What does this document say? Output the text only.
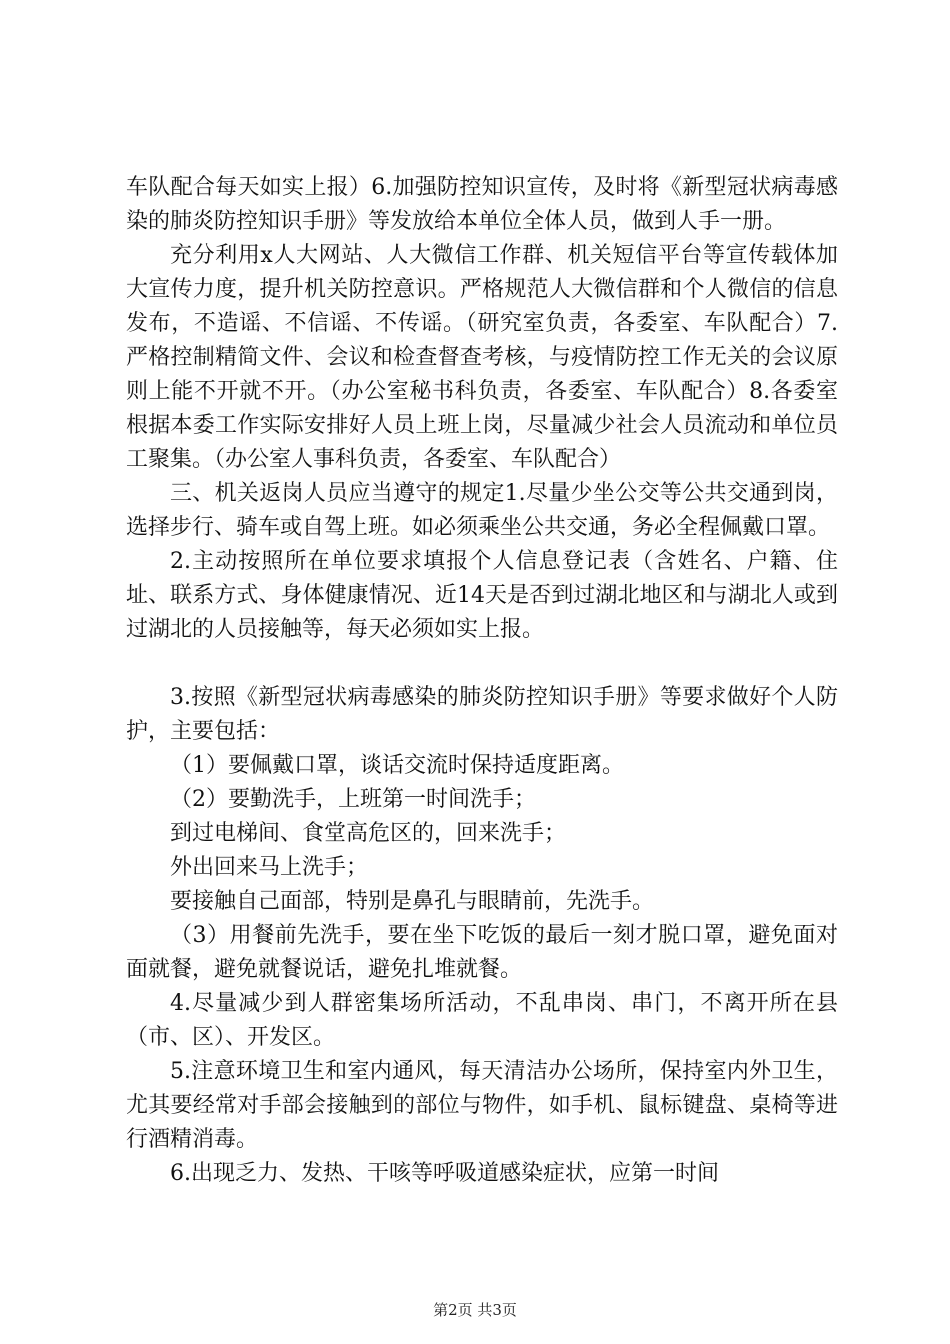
车队配合每天如实上报）6.加强防控知识宣传，及时将《新型冠状病毒感染的肺炎防控知识手册》等发放给本单位全体人员，做到人手一册。

充分利用x人大网站、人大微信工作群、机关短信平台等宣传载体加大宣传力度，提升机关防控意识。严格规范人大微信群和个人微信的信息发布，不造谣、不信谣、不传谣。（研究室负责，各委室、车队配合）7.严格控制精简文件、会议和检查督查考核，与疫情防控工作无关的会议原则上能不开就不开。（办公室秘书科负责，各委室、车队配合）8.各委室根据本委工作实际安排好人员上班上岗，尽量减少社会人员流动和单位员工聚集。（办公室人事科负责，各委室、车队配合）

三、机关返岗人员应当遵守的规定1.尽量少坐公交等公共交通到岗，选择步行、骑车或自驾上班。如必须乘坐公共交通，务必全程佩戴口罩。

2.主动按照所在单位要求填报个人信息登记表（含姓名、户籍、住址、联系方式、身体健康情况、近14天是否到过湖北地区和与湖北人或到过湖北的人员接触等，每天必须如实上报。

3.按照《新型冠状病毒感染的肺炎防控知识手册》等要求做好个人防护，主要包括：

（1）要佩戴口罩，谈话交流时保持适度距离。

（2）要勤洗手，上班第一时间洗手；

到过电梯间、食堂高危区的，回来洗手；

外出回来马上洗手；

要接触自己面部，特别是鼻孔与眼睛前，先洗手。

（3）用餐前先洗手，要在坐下吃饭的最后一刻才脱口罩，避免面对面就餐，避免就餐说话，避免扎堆就餐。

4.尽量减少到人群密集场所活动，不乱串岗、串门，不离开所在县（市、区）、开发区。

5.注意环境卫生和室内通风，每天清洁办公场所，保持室内外卫生，尤其要经常对手部会接触到的部位与物件，如手机、鼠标键盘、桌椅等进行酒精消毒。

6.出现乏力、发热、干咳等呼吸道感染症状，应第一时间

第2页 共3页
